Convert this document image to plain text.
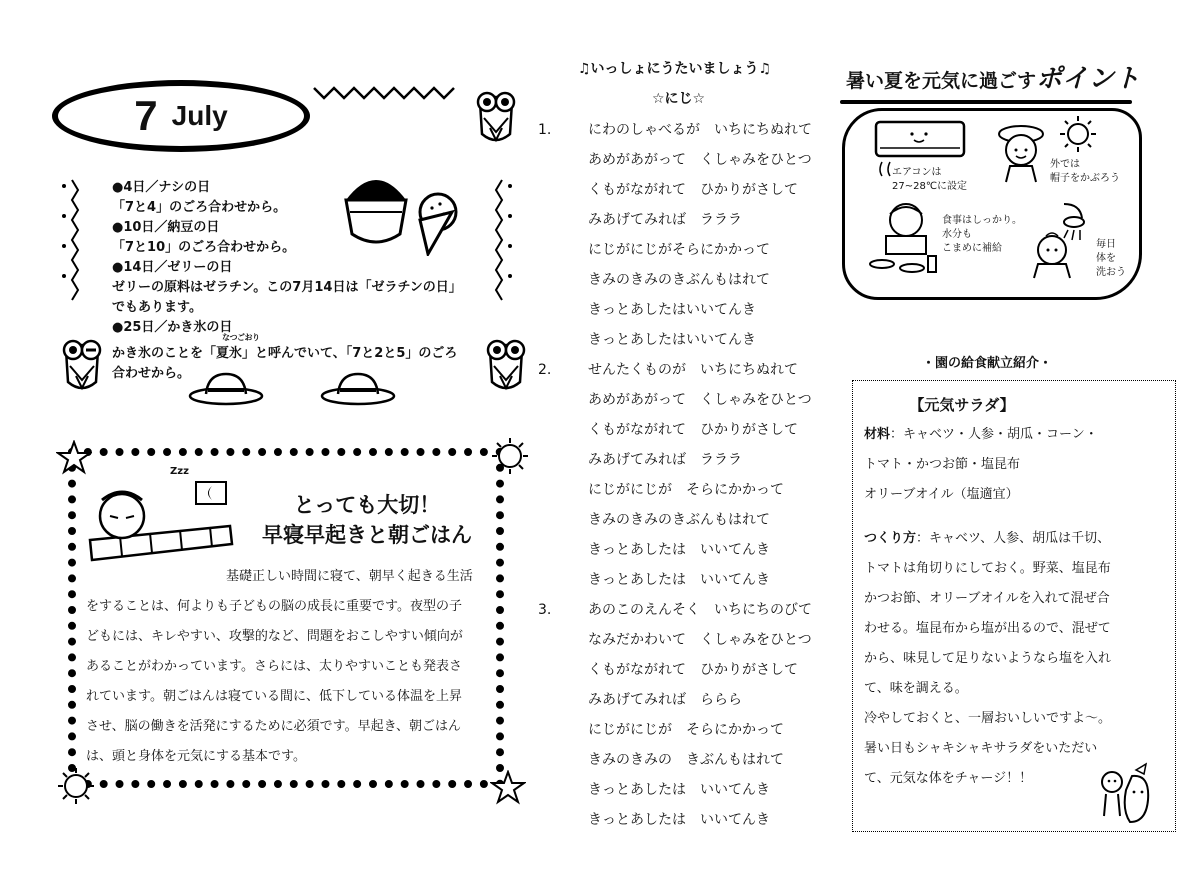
7 July
●4日／ナシの日
「7と4」のごろ合わせから。
●10日／納豆の日
「7と10」のごろ合わせから。
●14日／ゼリーの日
ゼリーの原料はゼラチン。この7月14日は「ゼラチンの日」
でもあります。
●25日／かき氷の日
かき氷のことを「夏氷」と呼んでいて、「7と2と5」のごろ
合わせから。
なつごおり
Zzz
とっても大切！
早寝早起きと朝ごはん
基礎正しい時間に寝て、朝早く起きる生活
をすることは、何よりも子どもの脳の成長に重要です。夜型の子
どもには、キレやすい、攻撃的など、問題をおこしやすい傾向が
あることがわかっています。さらには、太りやすいことも発表さ
れています。朝ごはんは寝ている間に、低下している体温を上昇
させ、脳の働きを活発にするために必須です。早起き、朝ごはん
は、頭と身体を元気にする基本です。
♫いっしょにうたいましょう♫
☆にじ☆
1.
2.
3.
にわのしゃべるが　いちにちぬれて
あめがあがって　くしゃみをひとつ
くもがながれて　ひかりがさして
みあげてみれば　ラララ
にじがにじがそらにかかって
きみのきみのきぶんもはれて
きっとあしたはいいてんき
きっとあしたはいいてんき
せんたくものが　いちにちぬれて
あめがあがって　くしゃみをひとつ
くもがながれて　ひかりがさして
みあげてみれば　ラララ
にじがにじが　そらにかかって
きみのきみのきぶんもはれて
きっとあしたは　いいてんき
きっとあしたは　いいてんき
あのこのえんそく　いちにちのびて
なみだかわいて　くしゃみをひとつ
くもがながれて　ひかりがさして
みあげてみれば　ららら
にじがにじが　そらにかかって
きみのきみの　きぶんもはれて
きっとあしたは　いいてんき
きっとあしたは　いいてんき
暑い夏を元気に過ごすポイント
エアコンは
27~28℃に設定
外では
帽子をかぶろう
食事はしっかり。
水分も
こまめに補給	毎日
体を
洗おう
・園の給食献立紹介・
【元気サラダ】
材料：キャベツ・人参・胡瓜・コーン・
トマト・かつお節・塩昆布
オリーブオイル（塩適宜）
つくり方：キャベツ、人参、胡瓜は千切、
トマトは角切りにしておく。野菜、塩昆布
かつお節、オリーブオイルを入れて混ぜ合
わせる。塩昆布から塩が出るので、混ぜて
から、味見して足りないようなら塩を入れ
て、味を調える。
冷やしておくと、一層おいしいですよ～。
暑い日もシャキシャキサラダをいただい
て、元気な体をチャージ！！
